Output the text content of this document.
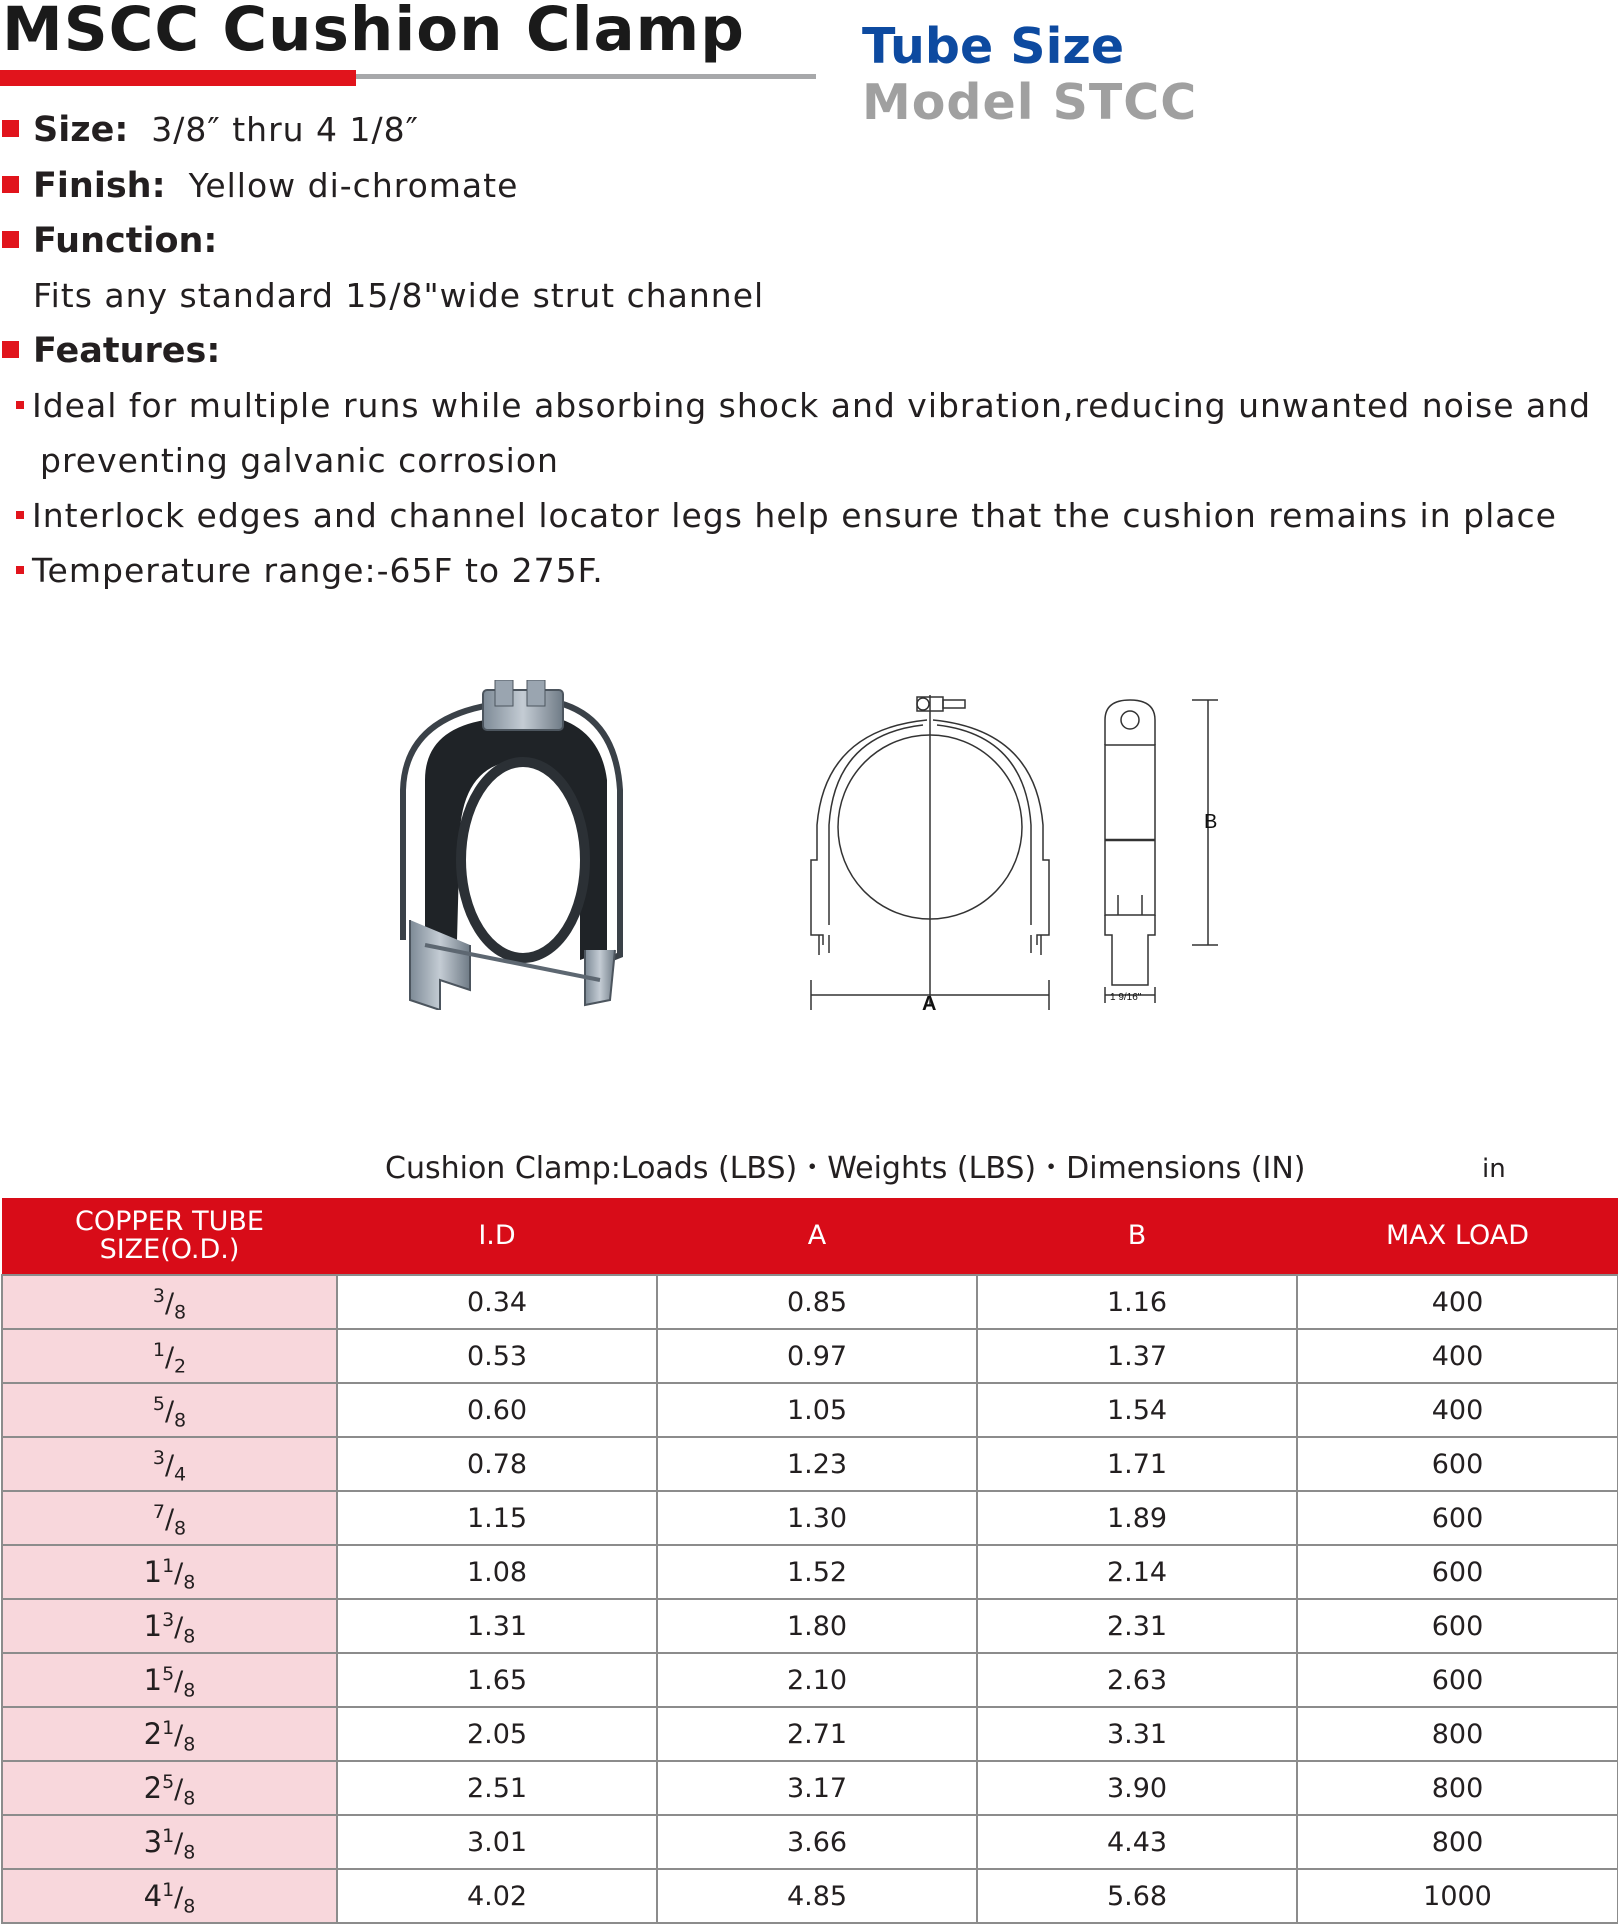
MSCC Cushion Clamp Tube Size
Model STCC
Size: 3/8″ thru 4 1/8″
Finish: Yellow di-chromate
Function:
Fits any standard 15/8"wide strut channel
Features:
Ideal for multiple runs while absorbing shock and vibration,reducing unwanted noise and
preventing galvanic corrosion
Interlock edges and channel locator legs help ensure that the cushion remains in place
Temperature range:-65F to 275F.
A
B
1 9/16"
Cushion Clamp:Loads (LBS)・Weights (LBS)・Dimensions (IN)	in
COPPER TUBE
SIZE(O.D.)	I.D	A	B	MAX LOAD
$^3/_8$	0.34	0.85	1.16	400
$^1/_2$	0.53	0.97	1.37	400
$^5/_8$	0.60	1.05	1.54	400
$^3/_4$	0.78	1.23	1.71	600
$^7/_8$	1.15	1.30	1.89	600
$1^1/_8$	1.08	1.52	2.14	600
$1^3/_8$	1.31	1.80	2.31	600
$1^5/_8$	1.65	2.10	2.63	600
$2^1/_8$	2.05	2.71	3.31	800
$2^5/_8$	2.51	3.17	3.90	800
$3^1/_8$	3.01	3.66	4.43	800
$4^1/_8$	4.02	4.85	5.68	1000
